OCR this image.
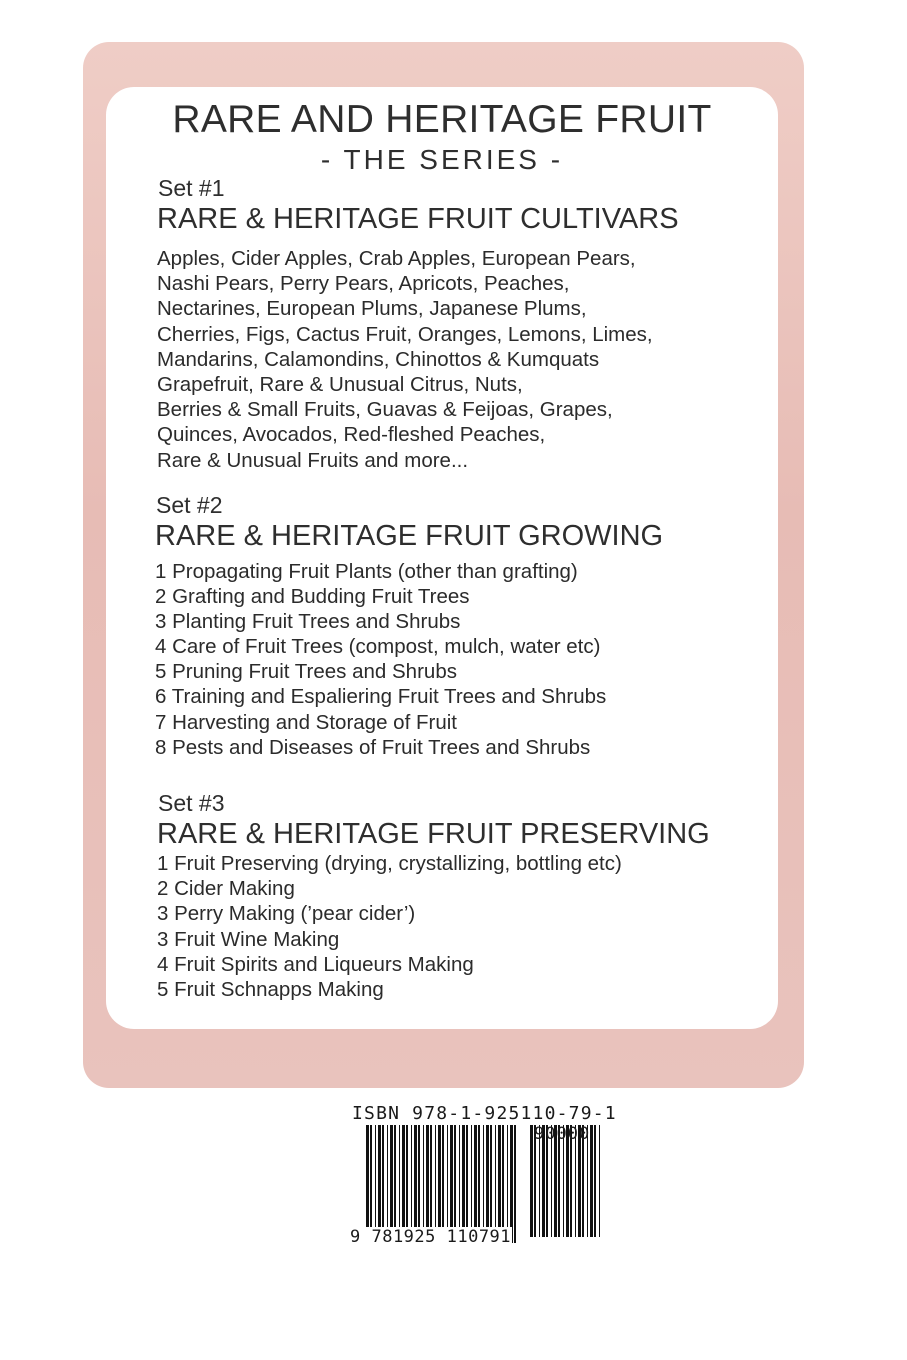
RARE AND HERITAGE FRUIT
- THE SERIES -
Set #1
RARE & HERITAGE FRUIT CULTIVARS
Apples, Cider Apples, Crab Apples, European Pears,
Nashi Pears, Perry Pears, Apricots, Peaches,
Nectarines, European Plums, Japanese Plums,
Cherries, Figs, Cactus Fruit, Oranges, Lemons, Limes,
Mandarins, Calamondins, Chinottos & Kumquats
Grapefruit, Rare & Unusual Citrus, Nuts,
Berries & Small Fruits, Guavas & Feijoas, Grapes,
Quinces, Avocados, Red-fleshed Peaches,
Rare & Unusual Fruits and more...
Set #2
RARE & HERITAGE FRUIT GROWING
1 Propagating Fruit Plants (other than grafting)
2 Grafting and Budding Fruit Trees
3 Planting Fruit Trees and Shrubs
4 Care of Fruit Trees (compost, mulch, water etc)
5 Pruning Fruit Trees and Shrubs
6 Training and Espaliering Fruit Trees and Shrubs
7 Harvesting and Storage of Fruit
8 Pests and Diseases of Fruit Trees and Shrubs
Set #3
RARE & HERITAGE FRUIT PRESERVING
1 Fruit Preserving (drying, crystallizing, bottling etc)
2 Cider Making
3 Perry Making (’pear cider’)
3 Fruit Wine Making
4 Fruit Spirits and Liqueurs Making
5 Fruit Schnapps Making
ISBN 978-1-925110-79-1
90000
9 781925 110791
